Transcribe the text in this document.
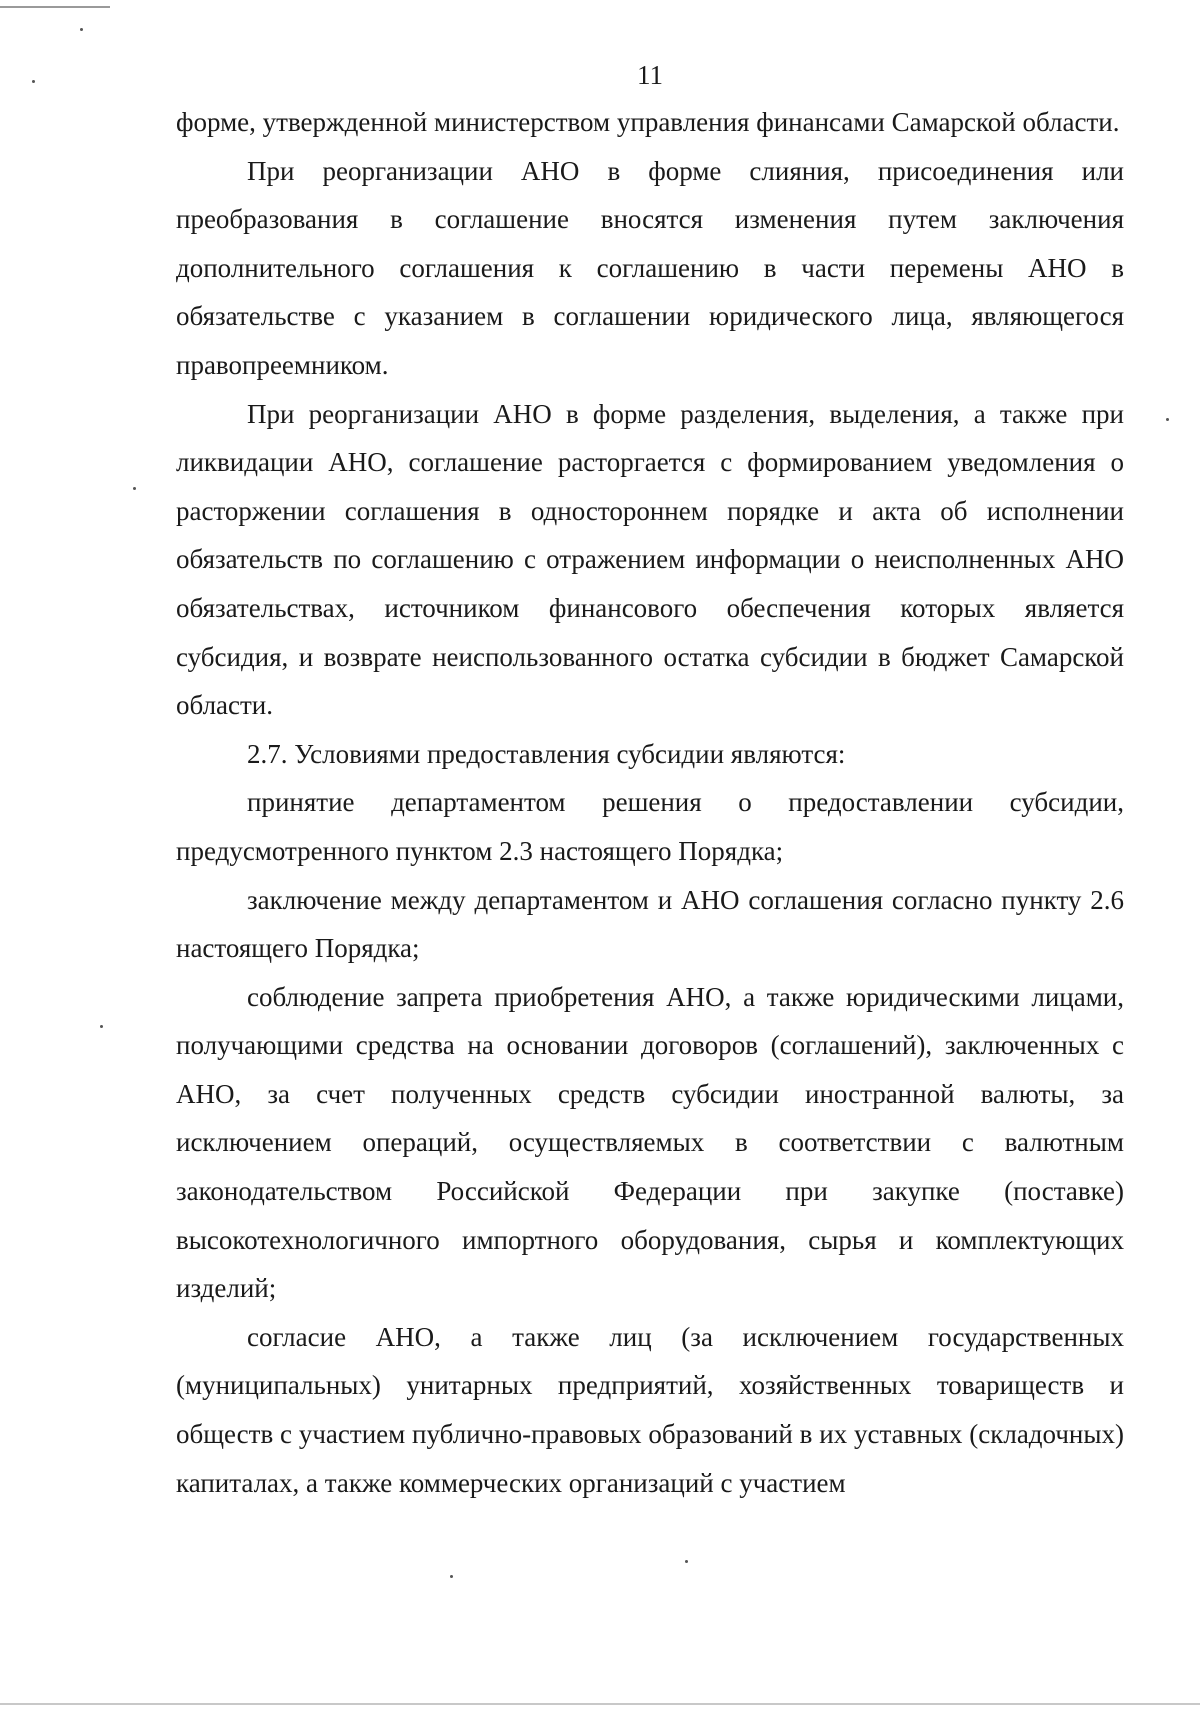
11

форме, утвержденной министерством управления финансами Самарской области.

При реорганизации АНО в форме слияния, присоединения или преобразования в соглашение вносятся изменения путем заключения дополнительного соглашения к соглашению в части перемены АНО в обязательстве с указанием в соглашении юридического лица, являющегося правопреемником.

При реорганизации АНО в форме разделения, выделения, а также при ликвидации АНО, соглашение расторгается с формированием уведомления о расторжении соглашения в одностороннем порядке и акта об исполнении обязательств по соглашению с отражением информации о неисполненных АНО обязательствах, источником финансового обеспечения которых является субсидия, и возврате неиспользованного остатка субсидии в бюджет Самарской области.

2.7. Условиями предоставления субсидии являются:

принятие департаментом решения о предоставлении субсидии, предусмотренного пунктом 2.3 настоящего Порядка;

заключение между департаментом и АНО соглашения согласно пункту 2.6 настоящего Порядка;

соблюдение запрета приобретения АНО, а также юридическими лицами, получающими средства на основании договоров (соглашений), заключенных с АНО, за счет полученных средств субсидии иностранной валюты, за исключением операций, осуществляемых в соответствии с валютным законодательством Российской Федерации при закупке (поставке) высокотехнологичного импортного оборудования, сырья и комплектующих изделий;

согласие АНО, а также лиц (за исключением государственных (муниципальных) унитарных предприятий, хозяйственных товариществ и обществ с участием публично-правовых образований в их уставных (складочных) капиталах, а также коммерческих организаций с участием
